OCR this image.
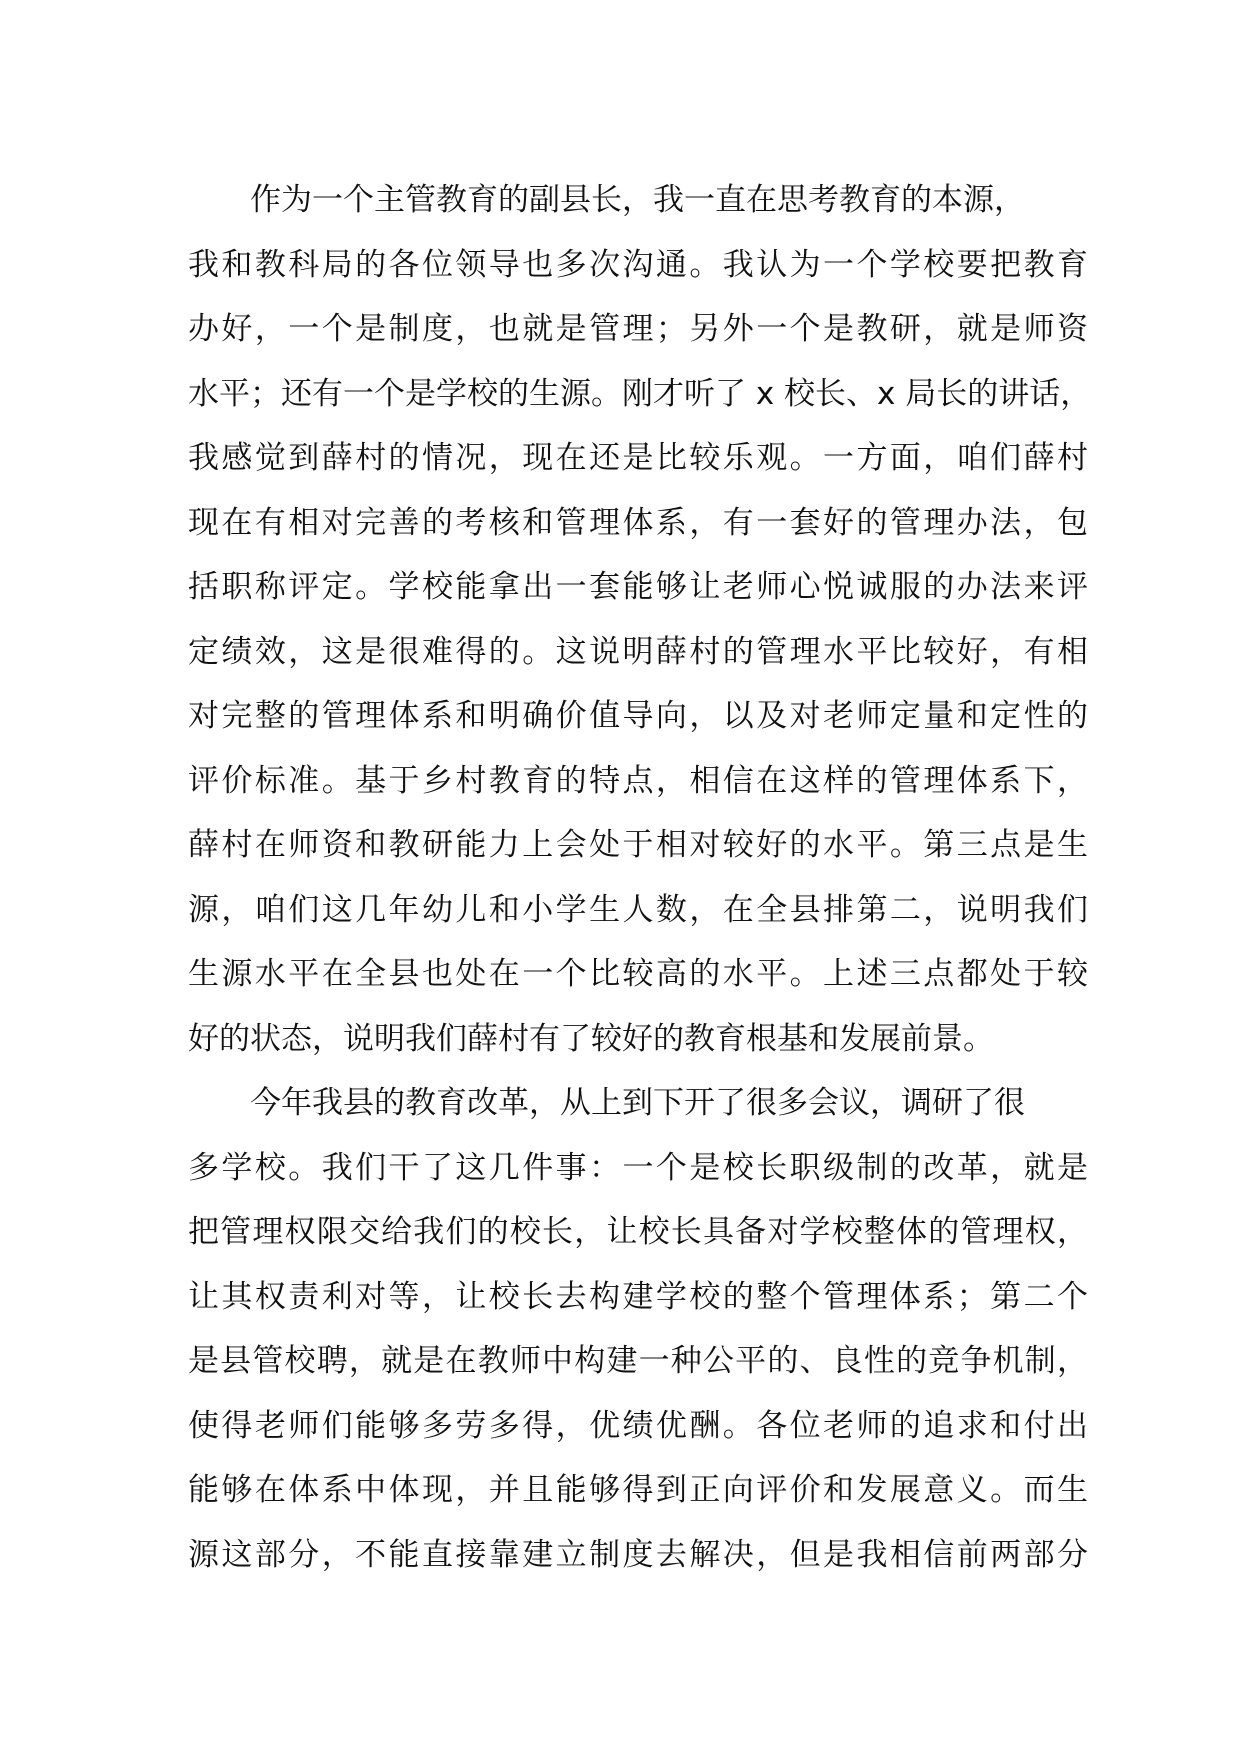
作为一个主管教育的副县长，我一直在思考教育的本源，
我和教科局的各位领导也多次沟通。我认为一个学校要把教育
办好，一个是制度，也就是管理；另外一个是教研，就是师资
水平；还有一个是学校的生源。刚才听了 x 校长、x 局长的讲话，
我感觉到薛村的情况，现在还是比较乐观。一方面，咱们薛村
现在有相对完善的考核和管理体系，有一套好的管理办法，包
括职称评定。学校能拿出一套能够让老师心悦诚服的办法来评
定绩效，这是很难得的。这说明薛村的管理水平比较好，有相
对完整的管理体系和明确价值导向，以及对老师定量和定性的
评价标准。基于乡村教育的特点，相信在这样的管理体系下，
薛村在师资和教研能力上会处于相对较好的水平。第三点是生
源，咱们这几年幼儿和小学生人数，在全县排第二，说明我们
生源水平在全县也处在一个比较高的水平。上述三点都处于较
好的状态，说明我们薛村有了较好的教育根基和发展前景。
今年我县的教育改革，从上到下开了很多会议，调研了很
多学校。我们干了这几件事：一个是校长职级制的改革，就是
把管理权限交给我们的校长，让校长具备对学校整体的管理权，
让其权责利对等，让校长去构建学校的整个管理体系；第二个
是县管校聘，就是在教师中构建一种公平的、良性的竞争机制，
使得老师们能够多劳多得，优绩优酬。各位老师的追求和付出
能够在体系中体现，并且能够得到正向评价和发展意义。而生
源这部分，不能直接靠建立制度去解决，但是我相信前两部分
